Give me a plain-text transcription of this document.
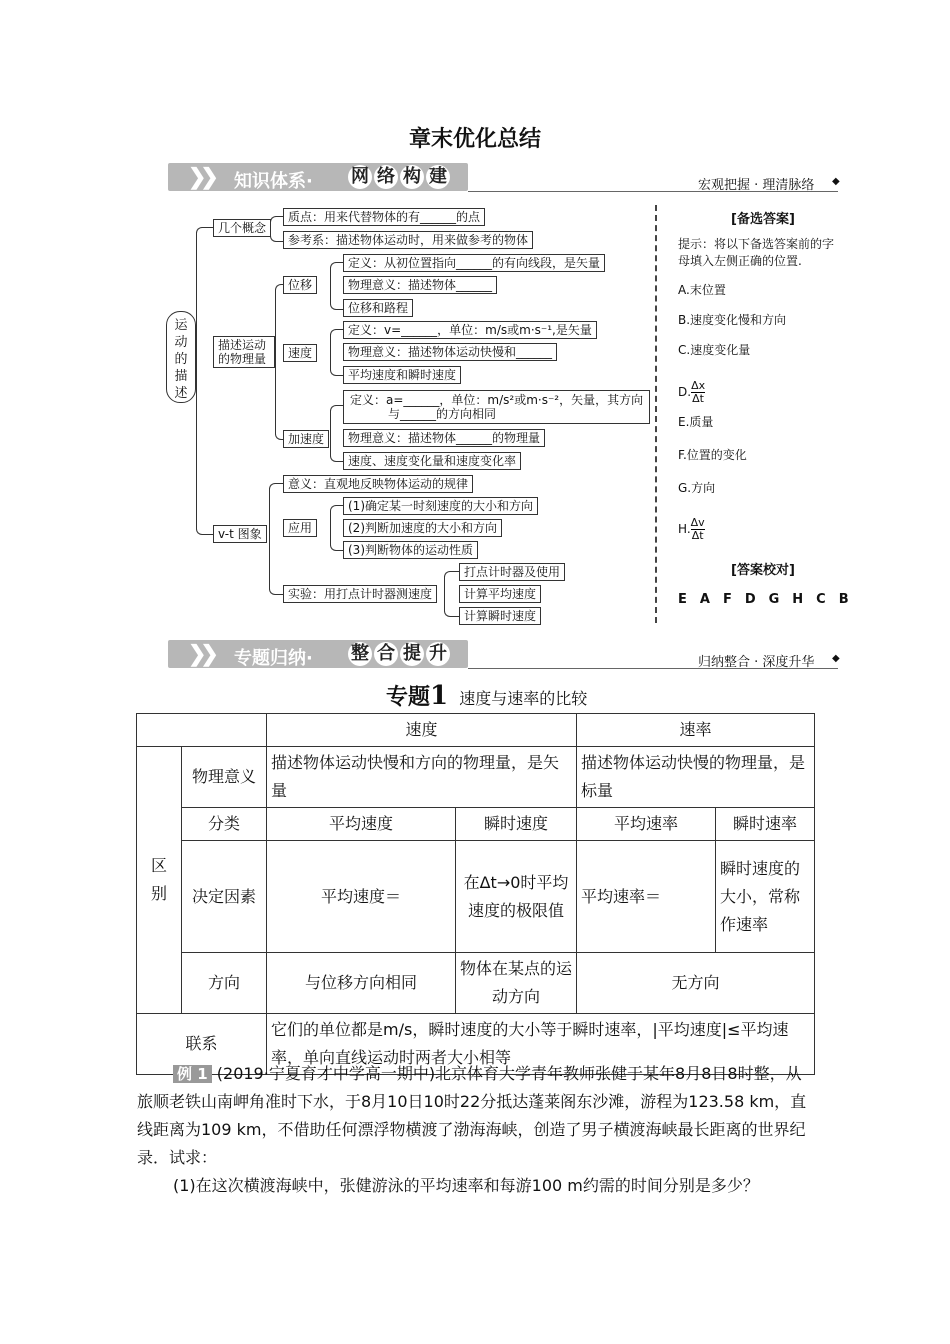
章末优化总结
❯❯ 知识体系· 网 络 构 建	宏观把握 · 理清脉络 ◆
运动的描述
几个概念
描述运动的物理量
v-t 图象
质点：用来代替物体的有______的点
参考系：描述物体运动时，用来做参考的物体
位移
速度
加速度
定义：从初位置指向______的有向线段，是矢量
物理意义：描述物体______
位移和路程
定义：v=______，单位：m/s或m·s⁻¹,是矢量
物理意义：描述物体运动快慢和______
平均速度和瞬时速度
定义：a=______，单位：m/s²或m·s⁻²，矢量，其方向
与______的方向相同
物理意义：描述物体______的物理量
速度、速度变化量和速度变化率
意义：直观地反映物体运动的规律
应用
实验：用打点计时器测速度
(1)确定某一时刻速度的大小和方向
(2)判断加速度的大小和方向
(3)判断物体的运动性质
打点计时器及使用
计算平均速度
计算瞬时速度
[备选答案]
提示：将以下备选答案前的字
母填入左侧正确的位置.
A.末位置
B.速度变化慢和方向
C.速度变化量
D. $\frac{\Delta x}{\Delta t}$
E.质量
F.位置的变化
G.方向
H. $\frac{\Delta v}{\Delta t}$
[答案校对]
E　A　F　D　G　H　C　B
❯❯ 专题归纳· 整 合 提 升	归纳整合 · 深度升华 ◆
专题1 速度与速率的比较
		速度		速率	
区别	物理意义	描述物体运动快慢和方向的物理量，是矢量		描述物体运动快慢的物理量，是标量	
	分类	平均速度	瞬时速度	平均速率	瞬时速率
	决定因素	平均速度＝	在Δt→0时平均速度的极限值	平均速率＝	瞬时速度的大小，常称作速率
	方向	与位移方向相同	物体在某点的运动方向	无方向	
联系		它们的单位都是m/s，瞬时速度的大小等于瞬时速率，|平均速度|≤平均速率，单向直线运动时两者大小相等			
例 1 (2019·宁夏育才中学高一期中)北京体育大学青年教师张健于某年8月8日8时整，从旅顺老铁山南岬角准时下水，于8月10日10时22分抵达蓬莱阁东沙滩，游程为123.58 km，直线距离为109 km，不借助任何漂浮物横渡了渤海海峡，创造了男子横渡海峡最长距离的世界纪录．试求：
(1)在这次横渡海峡中，张健游泳的平均速率和每游100 m约需的时间分别是多少？
